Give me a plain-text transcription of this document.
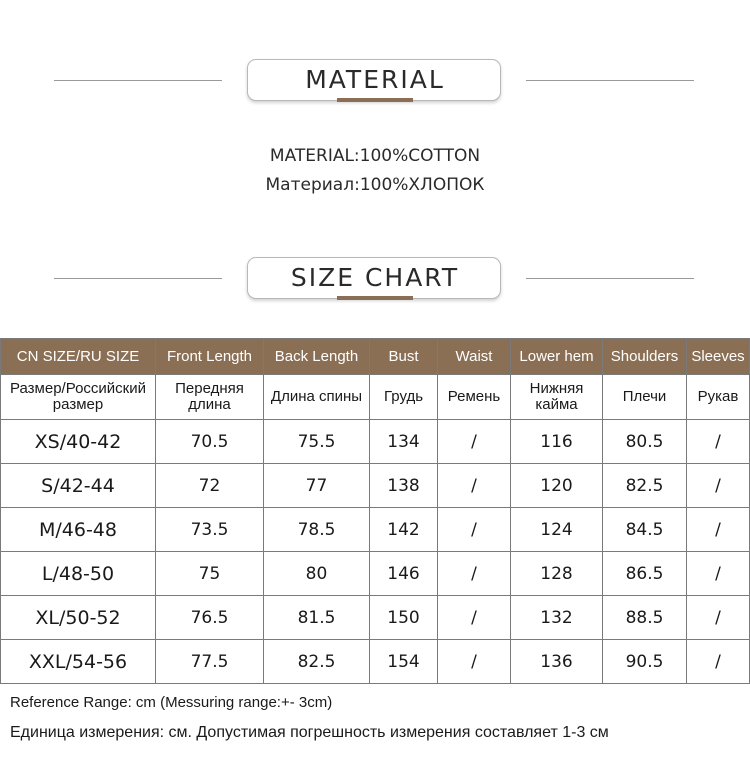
MATERIAL
MATERIAL:100%COTTON
Материал:100%ХЛОПОК
SIZE CHART
CN SIZE/RU SIZE	Front Length	Back Length	Bust	Waist	Lower hem	Shoulders	Sleeves
Размер/Российский размер	Передняя длина	Длина спины	Грудь	Ремень	Нижняя кайма	Плечи	Рукав
XS/40-42	70.5	75.5	134	/	116	80.5	/
S/42-44	72	77	138	/	120	82.5	/
M/46-48	73.5	78.5	142	/	124	84.5	/
L/48-50	75	80	146	/	128	86.5	/
XL/50-52	76.5	81.5	150	/	132	88.5	/
XXL/54-56	77.5	82.5	154	/	136	90.5	/
Reference Range: cm (Messuring range:+- 3cm)
Единица измерения: см. Допустимая погрешность измерения составляет 1-3 см
